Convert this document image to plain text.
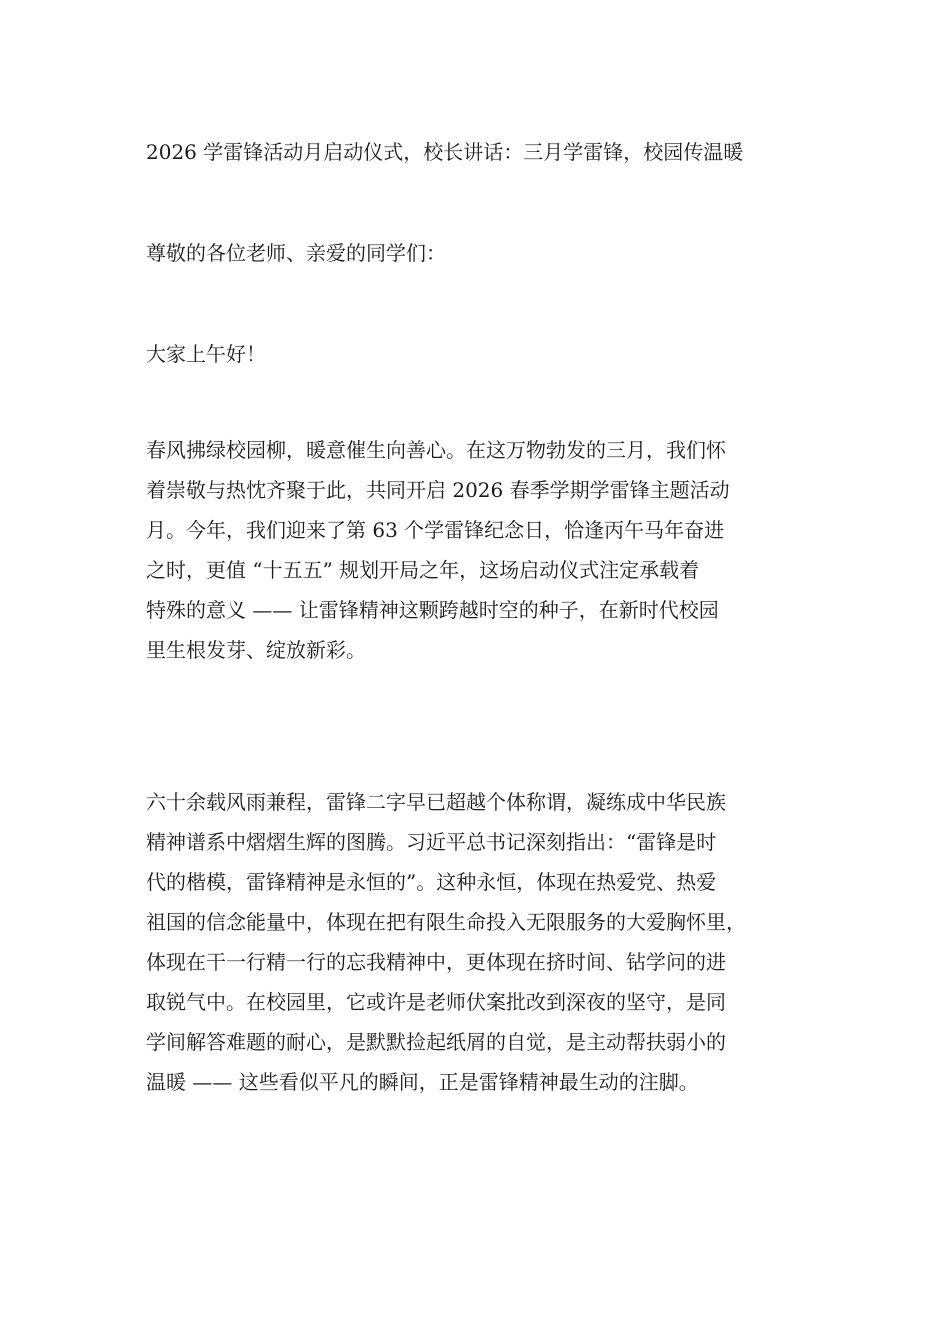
2026 学雷锋活动月启动仪式，校长讲话：三月学雷锋，校园传温暖
尊敬的各位老师、亲爱的同学们：
大家上午好！
春风拂绿校园柳，暖意催生向善心。在这万物勃发的三月，我们怀
着崇敬与热忱齐聚于此，共同开启 2026 春季学期学雷锋主题活动
月。今年，我们迎来了第 63 个学雷锋纪念日，恰逢丙午马年奋进
之时，更值 “十五五” 规划开局之年，这场启动仪式注定承载着
特殊的意义 —— 让雷锋精神这颗跨越时空的种子，在新时代校园
里生根发芽、绽放新彩。
六十余载风雨兼程，雷锋二字早已超越个体称谓，凝练成中华民族
精神谱系中熠熠生辉的图腾。习近平总书记深刻指出：“雷锋是时
代的楷模，雷锋精神是永恒的”。这种永恒，体现在热爱党、热爱
祖国的信念能量中，体现在把有限生命投入无限服务的大爱胸怀里，
体现在干一行精一行的忘我精神中，更体现在挤时间、钻学问的进
取锐气中。在校园里，它或许是老师伏案批改到深夜的坚守，是同
学间解答难题的耐心，是默默捡起纸屑的自觉，是主动帮扶弱小的
温暖 —— 这些看似平凡的瞬间，正是雷锋精神最生动的注脚。
